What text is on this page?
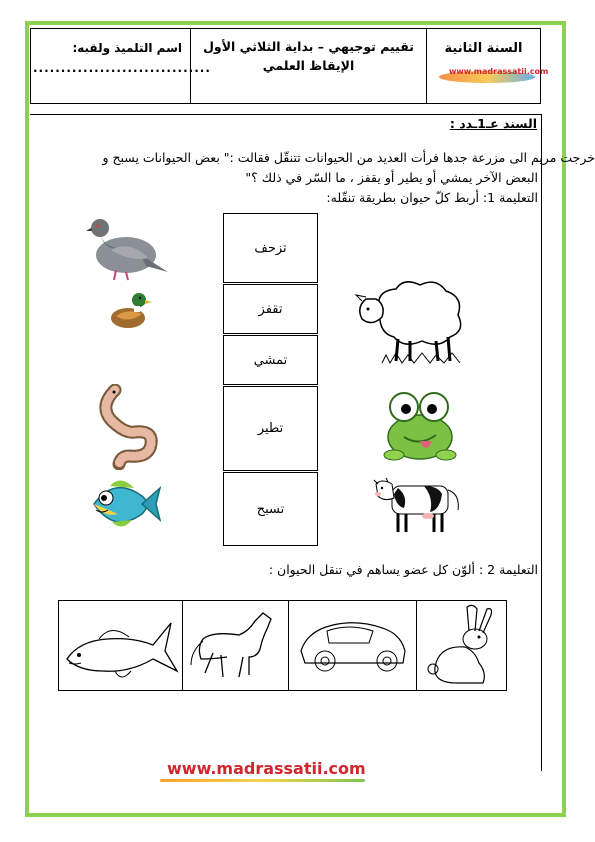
اسم التلميذ ولقبه:
................................
تقييم توجيهي – بداية الثلاثي الأول
الإيقاظ العلمي
السنة الثانية
www.madrassatii.com
السند عـ1ـدد :
خرجت مريم الى مزرعة جدها فرأت العديد من الحيوانات تتنقّل فقالت :" بعض الحيوانات يسبح و
البعض الآخر يمشي أو يطير أو يقفز ، ما السّر في ذلك ؟"
التعليمة 1: أربط كلّ حيوان بطريقة تنقّله:
تزحف
تقفز
تمشي
تطير
تسبح
التعليمة 2 : ألوّن كل عضو يساهم في تنقل الحيوان :
www.madrassatii.com
